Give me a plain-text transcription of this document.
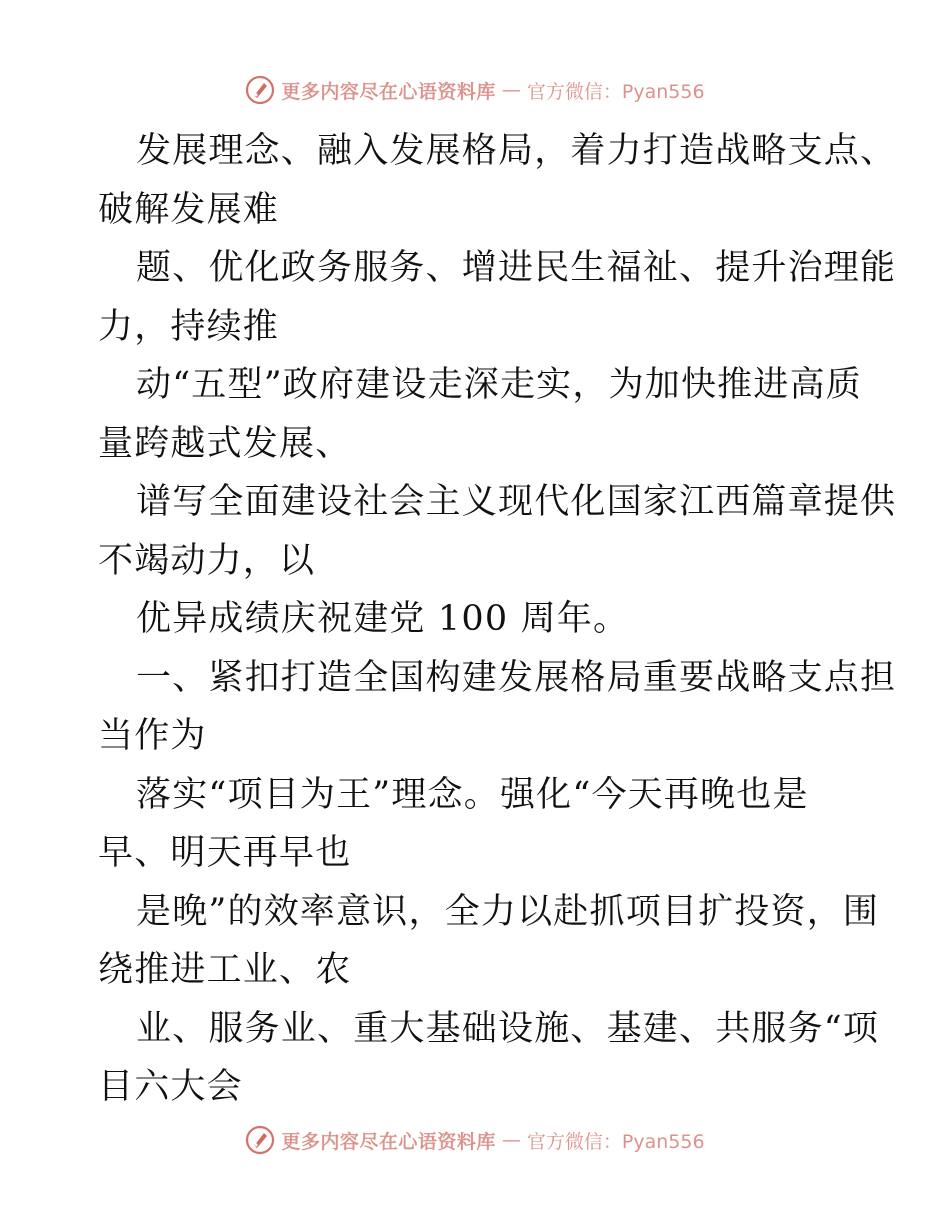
更多内容尽在心语资料库 — 官方微信：Pyan556
发展理念、融入发展格局，着力打造战略支点、
破解发展难
题、优化政务服务、增进民生福祉、提升治理能
力，持续推
动“五型”政府建设走深走实，为加快推进高质
量跨越式发展、
谱写全面建设社会主义现代化国家江西篇章提供
不竭动力，以
优异成绩庆祝建党 100 周年。
一、紧扣打造全国构建发展格局重要战略支点担
当作为
落实“项目为王”理念。强化“今天再晚也是
早、明天再早也
是晚”的效率意识，全力以赴抓项目扩投资，围
绕推进工业、农
业、服务业、重大基础设施、基建、共服务“项
目六大会
更多内容尽在心语资料库 — 官方微信：Pyan556
